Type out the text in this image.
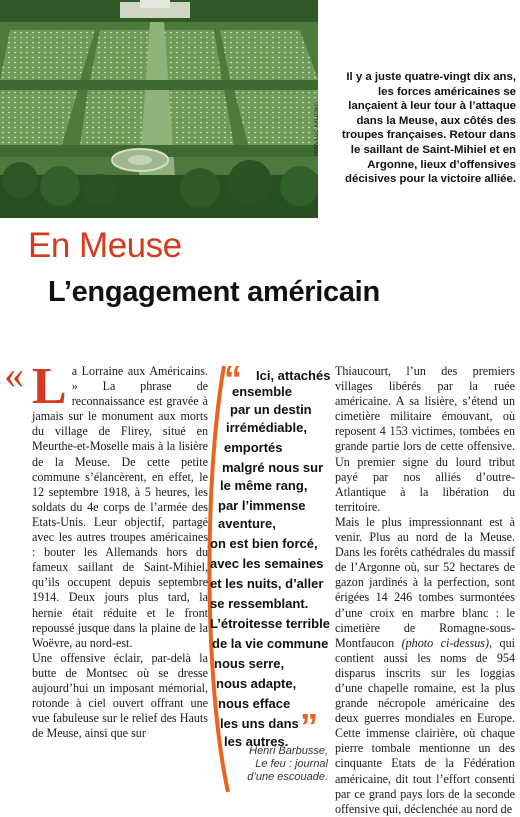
JEAN-LUC KALUSKO
Il y a juste quatre-vingt dix ans, les forces américaines se lançaient à leur tour à l’attaque dans la Meuse, aux côtés des troupes françaises. Retour dans le saillant de Saint-Mihiel et en Argonne, lieux d’offensives décisives pour la victoire alliée.
En Meuse
L’engagement américain
« La Lorraine aux Américains. » La phrase de reconnaissance est gravée à jamais sur le monument aux morts du village de Flirey, situé en Meurthe-et-Moselle mais à la lisière de la Meuse. De cette petite commune s’élancèrent, en effet, le 12 septembre 1918, à 5 heures, les soldats du 4e corps de l’armée des Etats-Unis. Leur objectif, partagé avec les autres troupes américaines : bouter les Allemands hors du fameux saillant de Saint-Mihiel, qu’ils occupent depuis septembre 1914. Deux jours plus tard, la hernie était réduite et le front repoussé jusque dans la plaine de la Woëvre, au nord-est.

Une offensive éclair, par-delà la butte de Montsec où se dresse aujourd’hui un imposant mémorial, rotonde à ciel ouvert offrant une vue fabuleuse sur le relief des Hauts de Meuse, ainsi que sur

“ Ici, attachés
ensemble
par un destin
irrémédiable,
emportés
malgré nous sur
le même rang,
par l’immense
aventure,
on est bien forcé,
avec les semaines
et les nuits, d’aller
se ressemblant.
L’étroitesse terrible
de la vie commune
nous serre,
nous adapte,
nous efface
les uns dans
les autres. ”
Henri Barbusse,
Le feu : journal d’une escouade.

Thiaucourt, l’un des premiers villages libérés par la ruée américaine. A sa lisière, s’étend un cimetière militaire émouvant, où reposent 4 153 victimes, tombées en grande partie lors de cette offensive. Un premier signe du lourd tribut payé par nos alliés d’outre-Atlantique à la libération du territoire.

Mais le plus impressionnant est à venir. Plus au nord de la Meuse. Dans les forêts cathédrales du massif de l’Argonne où, sur 52 hectares de gazon jardinés à la perfection, sont érigées 14 246 tombes surmontées d’une croix en marbre blanc : le cimetière de Romagne-sous-Montfaucon (photo ci-dessus), qui contient aussi les noms de 954 disparus inscrits sur les loggias d’une chapelle romaine, est la plus grande nécropole américaine des deux guerres mondiales en Europe. Cette immense clairière, où chaque pierre tombale mentionne un des cinquante Etats de la Fédération américaine, dit tout l’effort consenti par ce grand pays lors de la seconde offensive qui, déclenchée au nord de
